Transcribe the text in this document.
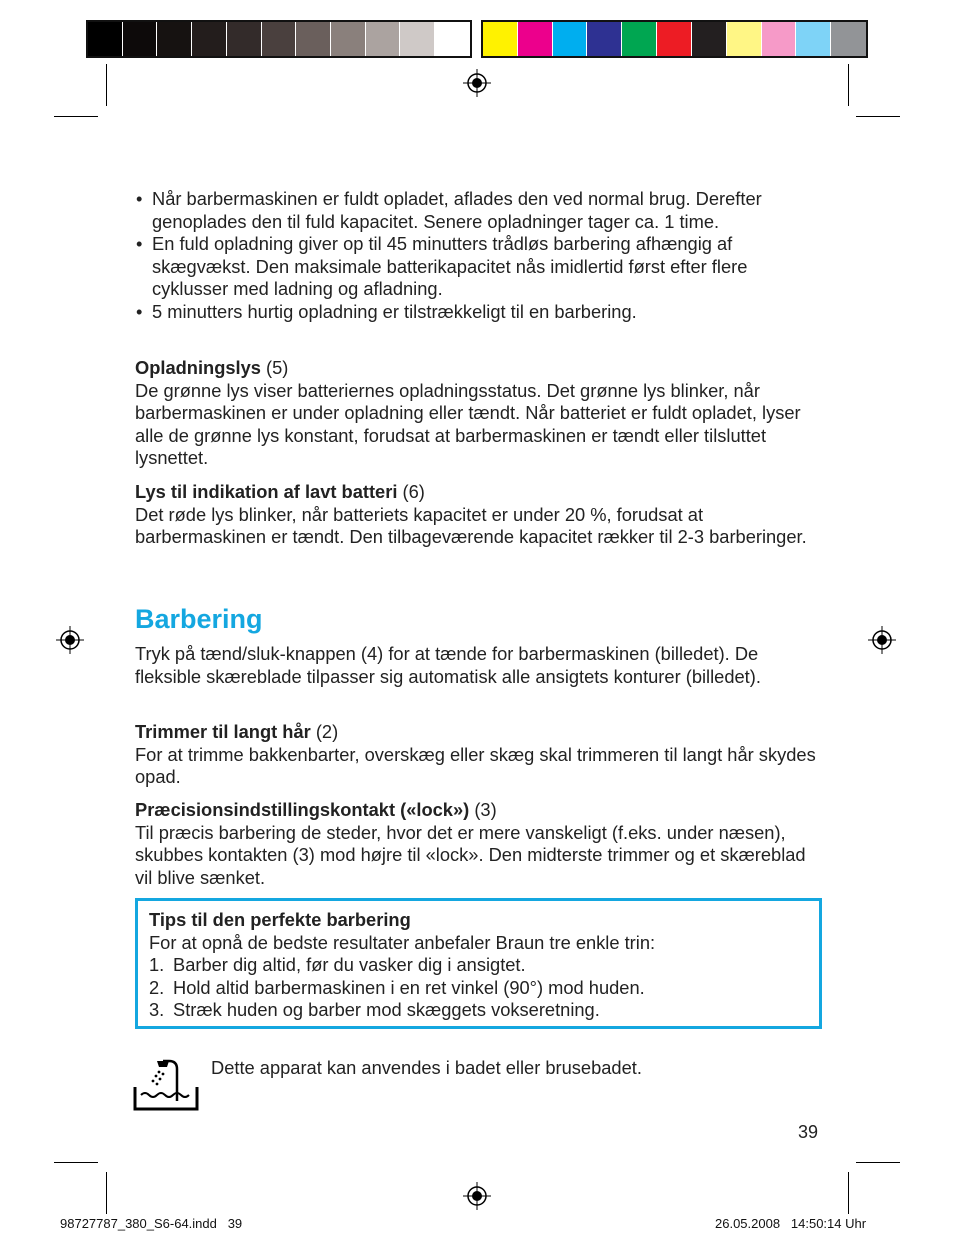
• Når barbermaskinen er fuldt opladet, aflades den ved normal brug. Derefter genoplades den til fuld kapacitet. Senere opladninger tager ca. 1 time.
• En fuld opladning giver op til 45 minutters trådløs barbering afhængig af skægvækst. Den maksimale batterikapacitet nås imidlertid først efter flere cyklusser med ladning og afladning.
• 5 minutters hurtig opladning er tilstrækkeligt til en barbering.
Opladningslys (5)
De grønne lys viser batteriernes opladningsstatus. Det grønne lys blinker, når barbermaskinen er under opladning eller tændt. Når batteriet er fuldt opladet, lyser alle de grønne lys konstant, forudsat at barbermaskinen er tændt eller tilsluttet lysnettet.
Lys til indikation af lavt batteri (6)
Det røde lys blinker, når batteriets kapacitet er under 20 %, forudsat at barbermaskinen er tændt. Den tilbageværende kapacitet rækker til 2-3 barberinger.
Barbering
Tryk på tænd/sluk-knappen (4) for at tænde for barbermaskinen (billedet). De fleksible skæreblade tilpasser sig automatisk alle ansigtets konturer (billedet).
Trimmer til langt hår (2)
For at trimme bakkenbarter, overskæg eller skæg skal trimmeren til langt hår skydes opad.
Præcisionsindstillingskontakt («lock») (3)
Til præcis barbering de steder, hvor det er mere vanskeligt (f.eks. under næsen), skubbes kontakten (3) mod højre til «lock». Den midterste trimmer og et skæreblad vil blive sænket.
Tips til den perfekte barbering
For at opnå de bedste resultater anbefaler Braun tre enkle trin:
1. Barber dig altid, før du vasker dig i ansigtet.
2. Hold altid barbermaskinen i en ret vinkel (90°) mod huden.
3. Stræk huden og barber mod skæggets vokseretning.
Dette apparat kan anvendes i badet eller brusebadet.
39
98727787_380_S6-64.indd   39	26.05.2008   14:50:14 Uhr
